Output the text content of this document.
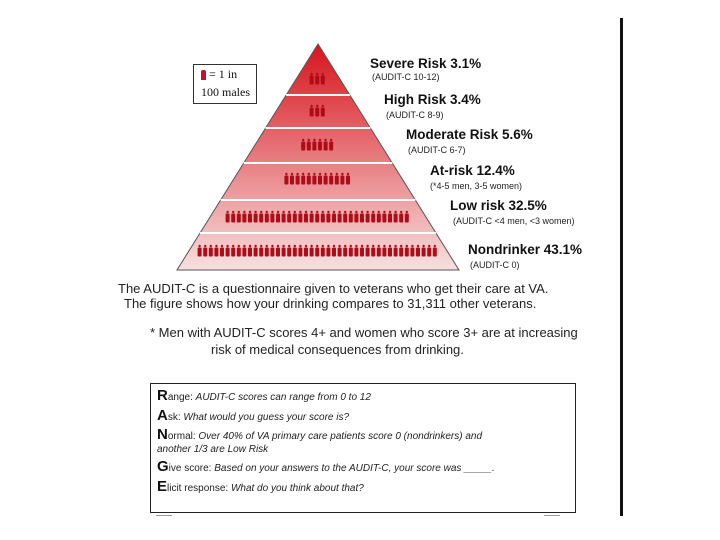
= 1 in
100 males
Severe Risk 3.1%
(AUDIT-C 10-12)
High Risk 3.4%
(AUDIT-C 8-9)
Moderate Risk 5.6%
(AUDIT-C 6-7)
At-risk 12.4%
(*4-5 men, 3-5 women)
Low risk 32.5%
(AUDIT-C <4 men, <3 women)
Nondrinker 43.1%
(AUDIT-C 0)
The AUDIT-C is a questionnaire given to veterans who get their care at VA.
The figure shows how your drinking compares to 31,311 other veterans.
* Men with AUDIT-C scores 4+ and women who score 3+ are at increasing
risk of medical consequences from drinking.
Range: AUDIT-C scores can range from 0 to 12
Ask: What would you guess your score is?
Normal: Over 40% of VA primary care patients score 0 (nondrinkers) and
another 1/3 are Low Risk
Give score: Based on your answers to the AUDIT-C, your score was _____.
Elicit response: What do you think about that?
